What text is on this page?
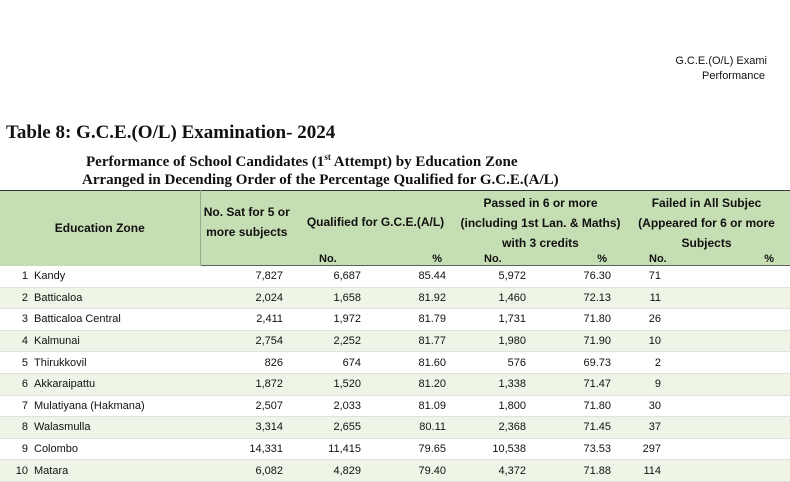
G.C.E.(O/L) Exami
Performance
Table 8: G.C.E.(O/L) Examination- 2024
Performance of School Candidates (1st Attempt) by Education Zone
Arranged in Decending Order of the Percentage Qualified for G.C.E.(A/L)
Education Zone	No. Sat for 5 or more subjects	Qualified for G.C.E.(A/L)		Passed in 6 or more (including 1st Lan. & Maths) with 3 credits		Failed in All Subjec (Appeared for 6 or more Subjects	
		No.	%	No.	%	No.	%
1 Kandy	7,827	6,687	85.44	5,972	76.30	71	
2 Batticaloa	2,024	1,658	81.92	1,460	72.13	11	
3 Batticaloa Central	2,411	1,972	81.79	1,731	71.80	26	
4 Kalmunai	2,754	2,252	81.77	1,980	71.90	10	
5 Thirukkovil	826	674	81.60	576	69.73	2	
6 Akkaraipattu	1,872	1,520	81.20	1,338	71.47	9	
7 Mulatiyana (Hakmana)	2,507	2,033	81.09	1,800	71.80	30	
8 Walasmulla	3,314	2,655	80.11	2,368	71.45	37	
9 Colombo	14,331	11,415	79.65	10,538	73.53	297	
10 Matara	6,082	4,829	79.40	4,372	71.88	114	
